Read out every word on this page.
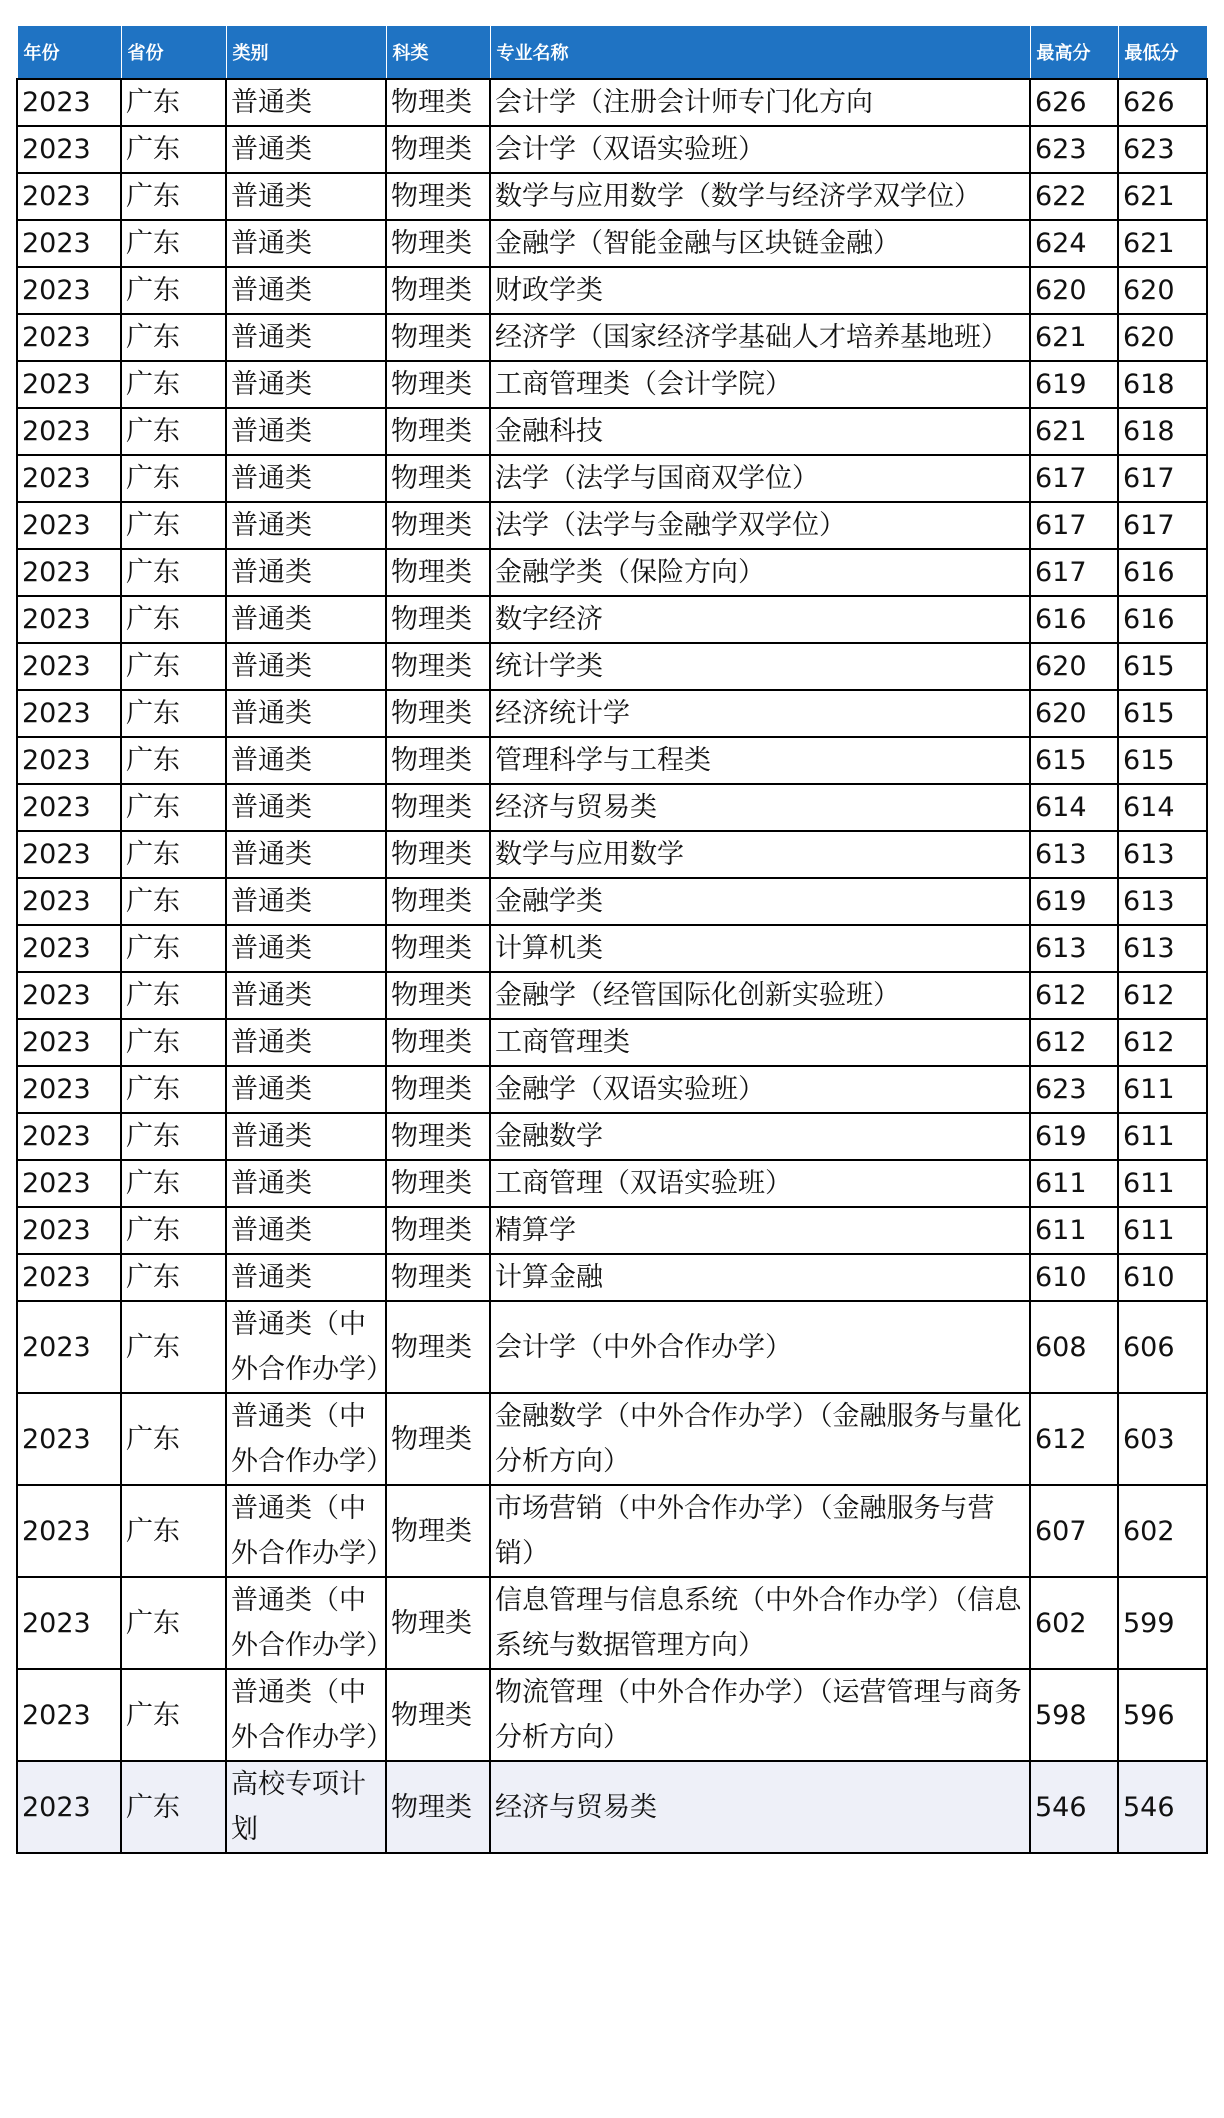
年份	省份	类别	科类	专业名称	最高分	最低分
2023	广东	普通类	物理类	会计学（注册会计师专门化方向	626	626
2023	广东	普通类	物理类	会计学（双语实验班）	623	623
2023	广东	普通类	物理类	数学与应用数学（数学与经济学双学位）	622	621
2023	广东	普通类	物理类	金融学（智能金融与区块链金融）	624	621
2023	广东	普通类	物理类	财政学类	620	620
2023	广东	普通类	物理类	经济学（国家经济学基础人才培养基地班）	621	620
2023	广东	普通类	物理类	工商管理类（会计学院）	619	618
2023	广东	普通类	物理类	金融科技	621	618
2023	广东	普通类	物理类	法学（法学与国商双学位）	617	617
2023	广东	普通类	物理类	法学（法学与金融学双学位）	617	617
2023	广东	普通类	物理类	金融学类（保险方向）	617	616
2023	广东	普通类	物理类	数字经济	616	616
2023	广东	普通类	物理类	统计学类	620	615
2023	广东	普通类	物理类	经济统计学	620	615
2023	广东	普通类	物理类	管理科学与工程类	615	615
2023	广东	普通类	物理类	经济与贸易类	614	614
2023	广东	普通类	物理类	数学与应用数学	613	613
2023	广东	普通类	物理类	金融学类	619	613
2023	广东	普通类	物理类	计算机类	613	613
2023	广东	普通类	物理类	金融学（经管国际化创新实验班）	612	612
2023	广东	普通类	物理类	工商管理类	612	612
2023	广东	普通类	物理类	金融学（双语实验班）	623	611
2023	广东	普通类	物理类	金融数学	619	611
2023	广东	普通类	物理类	工商管理（双语实验班）	611	611
2023	广东	普通类	物理类	精算学	611	611
2023	广东	普通类	物理类	计算金融	610	610
2023	广东	普通类（中外合作办学）	物理类	会计学（中外合作办学）	608	606
2023	广东	普通类（中外合作办学）	物理类	金融数学（中外合作办学）（金融服务与量化分析方向）	612	603
2023	广东	普通类（中外合作办学）	物理类	市场营销（中外合作办学）（金融服务与营销）	607	602
2023	广东	普通类（中外合作办学）	物理类	信息管理与信息系统（中外合作办学）（信息系统与数据管理方向）	602	599
2023	广东	普通类（中外合作办学）	物理类	物流管理（中外合作办学）（运营管理与商务分析方向）	598	596
2023	广东	高校专项计划	物理类	经济与贸易类	546	546
